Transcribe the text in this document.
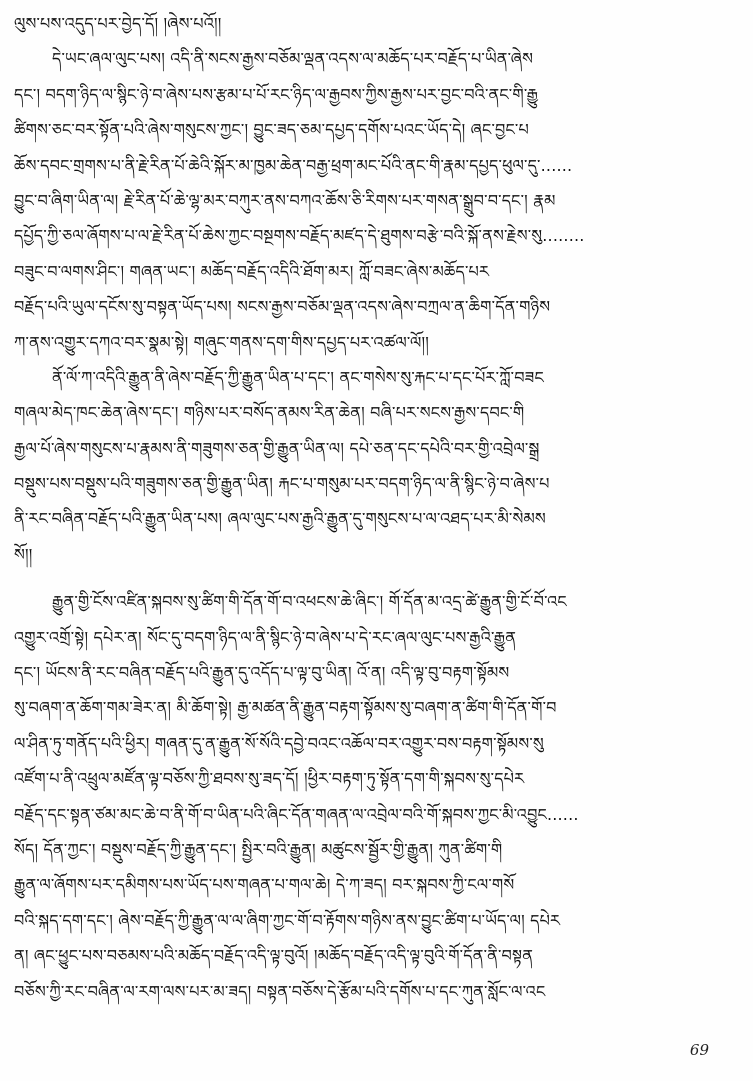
ལུས་པས་འདུད་པར་བྱེད་དོ། །ཞེས་པའོ།།
དེ་ཡང་ཞལ་ལུང་པས། འདི་ནི་སངས་རྒྱས་བཅོམ་ལྡན་འདས་ལ་མཆོད་པར་བརྗོད་པ་ཡིན་ཞེས
དང་། བདག་ཉིད་ལ་སྙིང་ཉེ་བ་ཞེས་པས་རྩམ་པ་པོ་རང་ཉིད་ལ་རྒྱབས་ཀྱིས་རྒྱས་པར་བྱང་བའི་ནང་གི་རྒྱུ
ཚིགས་ཅང་བར་སྟོན་པའི་ཞེས་གསུངས་ཀྱང་། བྱུང་ཟད་ཅམ་དཔྱད་དགོས་པའང་ཡོད་དེ། ཞང་བྱང་པ
ཆོས་དབང་གྲགས་པ་ནི་རྗེ་རིན་པོ་ཆེའི་སྐོར་མ་ཁྱམ་ཆེན་བརྒྱ་ཕྲག་མང་པོའི་ནང་གི་རྣམ་དཔྱད་ཕུལ་དུ་......
བྱུང་བ་ཞིག་ཡིན་ལ། རྗེ་རིན་པོ་ཆེ་ལྷ་མར་བཀུར་ནས་བཀའ་ཆོས་ཅི་རིགས་པར་གསན་སྒྲུབ་བ་དང་། རྣམ
དཔྱོད་ཀྱི་ཅལ་ཞོགས་པ་ལ་རྗེ་རིན་པོ་ཆེས་ཀྱང་བསྔགས་བརྗོད་མཛད་དེ་ཐུགས་བརྩེ་བའི་སྐོ་ནས་རྗེས་སུ........
བཟུང་བ་ལགས་ཤིང་། གཞན་ཡང་། མཆོད་བརྗོད་འདིའི་ཐོག་མར། ཀློ་བཟང་ཞེས་མཆོད་པར
བརྗོད་པའི་ཡུལ་དངོས་སུ་བསྟན་ཡོད་པས། སངས་རྒྱས་བཅོམ་ལྡན་འདས་ཞེས་བཀྲལ་ན་ཆིག་དོན་གཉིས
ཀ་ནས་འགྱུར་དཀའ་བར་སྣམ་སྟེ། གཞུང་གནས་དག་གིས་དཔྱད་པར་འཚལ་ལོ།།
ནོ་ལོ་ཀ་འདིའི་རྒྱུན་ནི་ཞེས་བརྗོད་ཀྱི་རྒྱུན་ཡིན་པ་དང་། ནང་གསེས་སུ་རྐང་པ་དང་པོར་ཀློ་བཟང
གཞལ་མེད་ཁང་ཆེན་ཞེས་དང་། གཉིས་པར་བསོད་ནམས་རིན་ཆེན། བཞི་པར་སངས་རྒྱས་དབང་གི
རྒྱལ་པོ་ཞེས་གསུངས་པ་རྣམས་ནི་གཟུགས་ཅན་གྱི་རྒྱུན་ཡིན་ལ། དཔེ་ཅན་དང་དཔེའི་བར་གྱི་འབྲེལ་སྒྲ
བསྡུས་པས་བསྡུས་པའི་གཟུགས་ཅན་གྱི་རྒྱུན་ཡིན། རྐང་པ་གསུམ་པར་བདག་ཉིད་ལ་ནི་སྙིང་ཉེ་བ་ཞེས་པ
ནི་རང་བཞིན་བརྗོད་པའི་རྒྱུན་ཡིན་པས། ཞལ་ལུང་པས་རྒྱའི་རྒྱུན་དུ་གསུངས་པ་ལ་འཐད་པར་མི་སེམས
སོ།།
རྒྱུན་གྱི་ངོས་འཛིན་སྐབས་སུ་ཚིག་གི་དོན་གོ་བ་འཕངས་ཆེ་ཞིང་། གོ་དོན་མ་འདྲ་ཚེ་རྒྱུན་གྱི་ངོ་བོ་འང
འགྱུར་འགྲོ་སྟེ། དཔེར་ན། སོང་དུ་བདག་ཉིད་ལ་ནི་སྙིང་ཉེ་བ་ཞེས་པ་དེ་རང་ཞལ་ལུང་པས་རྒྱའི་རྒྱུན
དང་། ཡོངས་ནི་རང་བཞིན་བརྗོད་པའི་རྒྱུན་དུ་འདོད་པ་ལྟ་བུ་ཡིན། འོ་ན། འདི་ལྟ་བུ་བརྟག་སྟོམས
སུ་བཞག་ན་ཆོག་གམ་ཟེར་ན། མི་ཆོག་སྟེ། རྒྱ་མཚན་ནི་རྒྱུན་བརྟག་སྟོམས་སུ་བཞག་ན་ཚིག་གི་དོན་གོ་བ
ལ་ཤིན་ཏུ་གནོད་པའི་ཕྱིར། གཞན་དུ་ན་རྒྱུན་སོ་སོའི་དབྱེ་བའང་འཆོལ་བར་འགྱུར་བས་བརྟག་སྟོམས་སུ
འཛོག་པ་ནི་འཕྲུལ་མཛོན་ལྟ་བཅོས་ཀྱི་ཐབས་སུ་ཟད་དོ། །ཕྱིར་བརྟག་ཏུ་སྟོན་དག་གི་སྐབས་སུ་དཔེར
བརྗོད་དང་སྟན་ཙམ་མང་ཆེ་བ་ནི་གོ་བ་ཡིན་པའི་ཞིང་དོན་གཞན་ལ་འབྲེལ་བའི་གོ་སྐབས་ཀྱང་མི་འབྱུང......
སོད། དོན་ཀྱང་། བསྡུས་བརྗོད་ཀྱི་རྒྱུན་དང་། སྤྱིར་བའི་རྒྱུན། མཚུངས་སྦྱོར་གྱི་རྒྱུན། ཀུན་ཚིག་གི
རྒྱུན་ལ་ཞོགས་པར་དམིགས་པས་ཡོད་པས་གཞན་པ་གལ་ཆེ། དེ་ཀ་ཟད། བར་སྐབས་ཀྱི་ངལ་གསོ
བའི་སྐད་དག་དང་། ཞེས་བརྗོད་ཀྱི་རྒྱུན་ལ་ལ་ཞིག་ཀྱང་གོ་བ་རྟོགས་གཉིས་ནས་བྱུང་ཚིག་པ་ཡོད་ལ། དཔེར
ན། ཞང་ཕྱུང་པས་བཅམས་པའི་མཆོད་བརྗོད་འདི་ལྟ་བུའོ། །མཆོད་བརྗོད་འདི་ལྟ་བུའི་གོ་དོན་ནི་བསྟན
བཅོས་ཀྱི་རང་བཞིན་ལ་རག་ལས་པར་མ་ཟད། བསྟན་བཅོས་དེ་རྩོམ་པའི་དགོས་པ་དང་ཀུན་སློང་ལ་འང
69
